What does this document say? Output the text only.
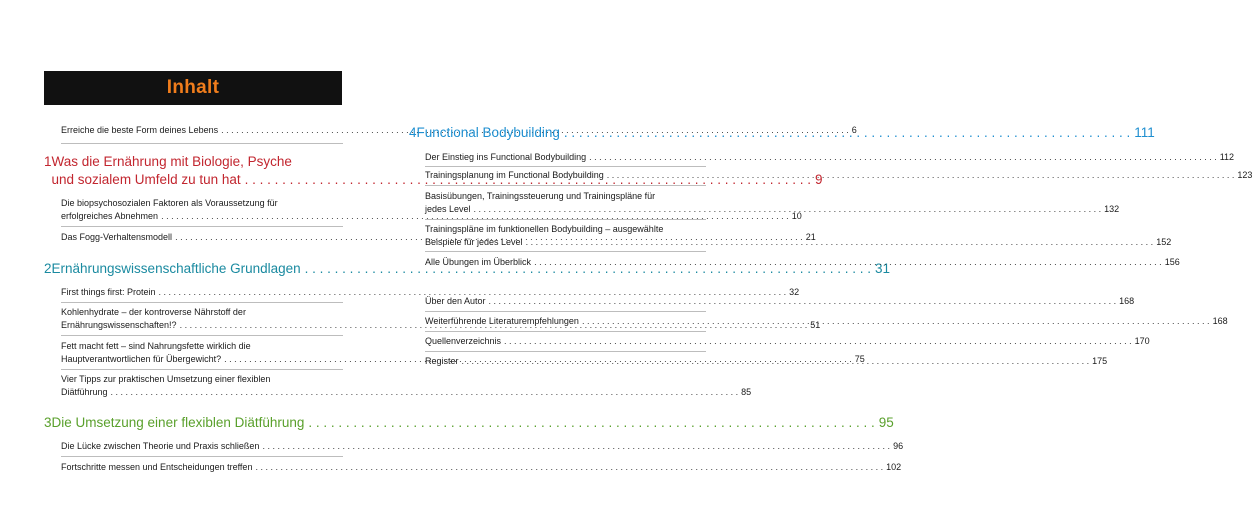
Inhalt
Erreiche die beste Form deines Lebens . . .	6
1 Was die Ernährung mit Biologie, Psyche
und sozialem Umfeld zu tun hat . . .	9
Die biopsychosozialen Faktoren als Voraussetzung für
erfolgreiches Abnehmen . . .	10
Das Fogg-Verhaltensmodell . . .	21
2 Ernährungswissenschaftliche Grundlagen . . .	31
First things first: Protein . . .	32
Kohlenhydrate – der kontroverse Nährstoff der
Ernährungswissenschaften!? . . .	51
Fett macht fett – sind Nahrungsfette wirklich die
Hauptverantwortlichen für Übergewicht? . . .	75
Vier Tipps zur praktischen Umsetzung einer flexiblen
Diätführung . . .	85
3 Die Umsetzung einer flexiblen Diätführung . . .	95
Die Lücke zwischen Theorie und Praxis schließen . . .	96
Fortschritte messen und Entscheidungen treffen . . .	102
4 Functional Bodybuilding . . .	111
Der Einstieg ins Functional Bodybuilding . . .	112
Trainingsplanung im Functional Bodybuilding . . .	123
Basisübungen, Trainingssteuerung und Trainingspläne für
jedes Level . . .	132
Trainingspläne im funktionellen Bodybuilding – ausgewählte
Beispiele für jedes Level . . .	152
Alle Übungen im Überblick . . .	156
Über den Autor . . .	168
Weiterführende Literaturempfehlungen . . .	168
Quellenverzeichnis . . .	170
Register . . .	175
